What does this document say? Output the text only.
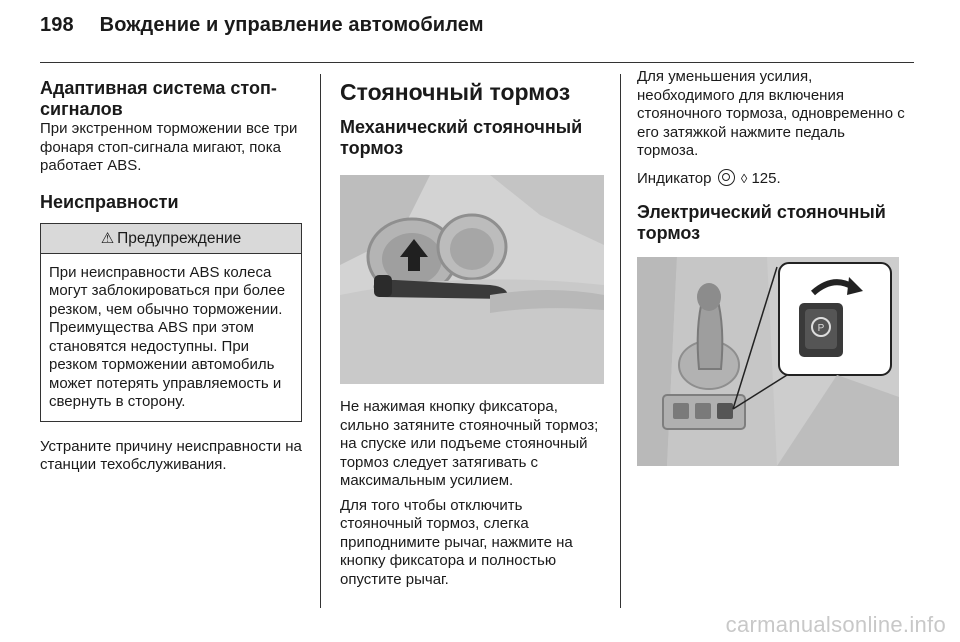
198 Вождение и управление автомобилем
Адаптивная система стоп-сигналов

При экстренном торможении все три фонаря стоп-сигнала мигают, пока работает ABS.

Неисправности
⚠ Предупреждение

При неисправности ABS колеса могут заблокироваться при более резком, чем обычно торможении. Преимущества ABS при этом становятся недоступны. При резком торможении автомобиль может потерять управляемость и свернуть в сторону.

Устраните причину неисправности на станции техобслуживания.

Стояночный тормоз
Механический стояночный тормоз

Не нажимая кнопку фиксатора, сильно затяните стояночный тормоз; на спуске или подъеме стояночный тормоз следует затягивать с максимальным усилием.

Для того чтобы отключить стояночный тормоз, слегка приподнимите рычаг, нажмите на кнопку фиксатора и полностью опустите рычаг.

Для уменьшения усилия, необходимого для включения стояночного тормоза, одновременно с его затяжкой нажмите педаль тормоза.

Индикатор ◊ 125.

Электрический стояночный тормоз
P
carmanualsonline.info
